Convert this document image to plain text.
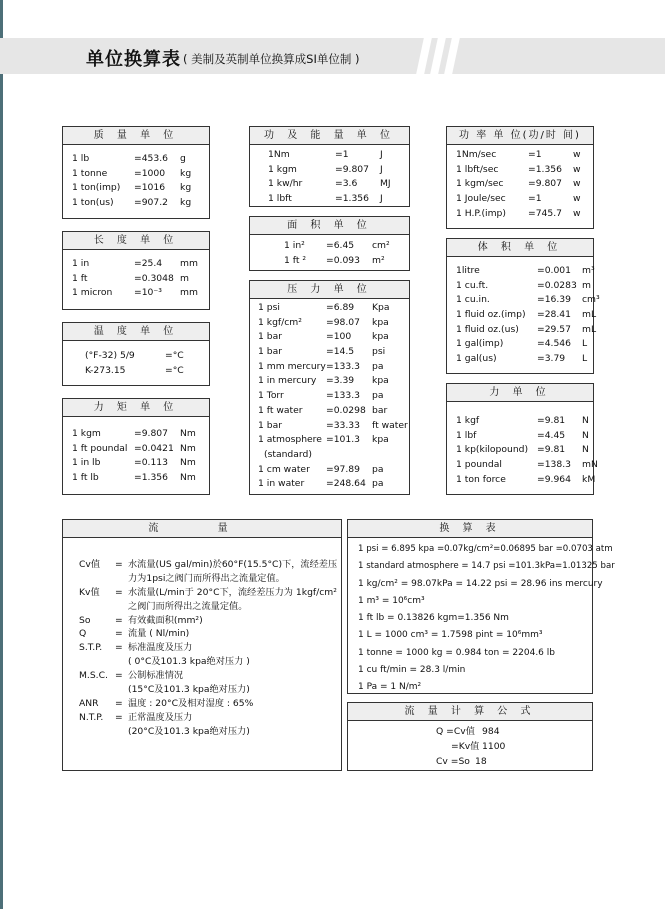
单位换算表 ( 美制及英制单位换算成SI单位制 )
质 量 单 位
1 lb	=453.6 g
1 tonne	=1000 kg
1 ton(imp) =1016 kg
1 ton(us) =907.2 kg
长 度 单 位
1 in	=25.4 mm
1 ft	=0.3048 m
1 micron =10⁻³ mm
温 度 单 位
(°F-32) 5/9	=°C
K-273.15	=°C
力 矩 单 位
1 kgm	=9.807 Nm
1 ft poundal =0.0421 Nm
1 in lb	=0.113 Nm
1 ft lb	=1.356 Nm
功 及 能 量 单 位
1Nm	=1	J
1 kgm	=9.807 J
1 kw/hr	=3.6 MJ
1 lbft	=1.356 J
面 积 单 位
1 in² =6.45 cm²
1 ft ² =0.093 m²
压 力 单 位
1 psi	=6.89 Kpa
1 kgf/cm²	=98.07 kpa
1 bar	=100 kpa
1 bar	=14.5 psi
1 mm mercury =133.3 pa
1 in mercury =3.39 kpa
1 Torr	=133.3 pa
1 ft water	=0.0298 bar
1 bar	=33.33 ft water
1 atmosphere =101.3 kpa
(standard)
1 cm water =97.89 pa
1 in water =248.64 pa
功 率 单 位(功/时 间)
1Nm/sec	=1	w
1 lbft/sec	=1.356 w
1 kgm/sec	=9.807 w
1 Joule/sec =1	w
1 H.P.(imp) =745.7 w
体 积 单 位
1litre	=0.001 m³
1 cu.ft.	=0.0283 m
1 cu.in.	=16.39 cm³
1 fluid oz.(imp) =28.41 mL
1 fluid oz.(us) =29.57 mL
1 gal(imp)	=4.546 L
1 gal(us)	=3.79 L
力 单 位
1 kgf	=9.81 N
1 lbf	=4.45 N
1 kp(kilopound) =9.81 N
1 poundal	=138.3 mN
1 ton force	=9.964 kM
流 量
Cv值 = 水流量(US gal/min)於60°F(15.5°C)下，流经差压
力为1psi之阀门而所得出之流量定值。
Kv值 = 水流量(L/min于 20°C下，流经差压力为 1kgf/cm²
之阀门而所得出之流量定值。
So	= 有效截面积(mm²)
Q	= 流量 ( Nl/min)
S.T.P. = 标准温度及压力
( 0°C及101.3 kpa绝对压力 )
M.S.C. = 公制标准情况
(15°C及101.3 kpa绝对压力)
ANR = 温度 : 20°C及相对湿度 : 65%
N.T.P. = 正常温度及压力
(20°C及101.3 kpa绝对压力)
换 算 表
1 psi = 6.895 kpa =0.07kg/cm²=0.06895 bar =0.0703 atm
1 standard atmosphere = 14.7 psi =101.3kPa=1.01325 bar
1 kg/cm² = 98.07kPa = 14.22 psi = 28.96 ins mercury
1 m³ = 10⁶cm³
1 ft lb = 0.13826 kgm=1.356 Nm
1 L = 1000 cm³ = 1.7598 pint = 10⁶mm³
1 tonne = 1000 kg = 0.984 ton = 2204.6 lb
1 cu ft/min = 28.3 l/min
1 Pa = 1 N/m²
流 量 计 算 公 式
Q =Cv值 984
=Kv值 1100
Cv =So 18
